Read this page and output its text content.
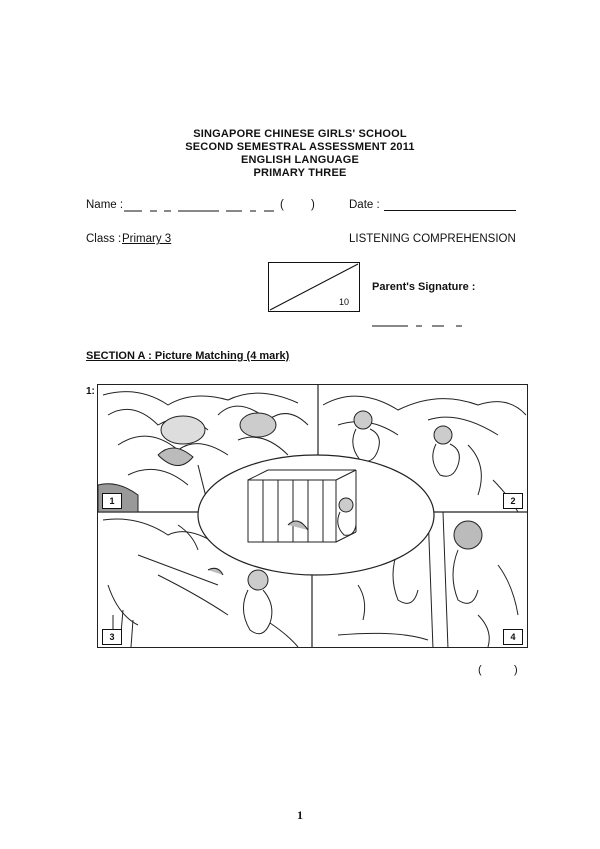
SINGAPORE CHINESE GIRLS' SCHOOL
SECOND SEMESTRAL ASSESSMENT 2011
ENGLISH LANGUAGE
PRIMARY THREE
Name :	( )	Date :
Class : Primary 3	LISTENING COMPREHENSION
10
Parent's Signature :
SECTION A : Picture Matching (4 mark)
1:
1	2
3	4
(	)
1
